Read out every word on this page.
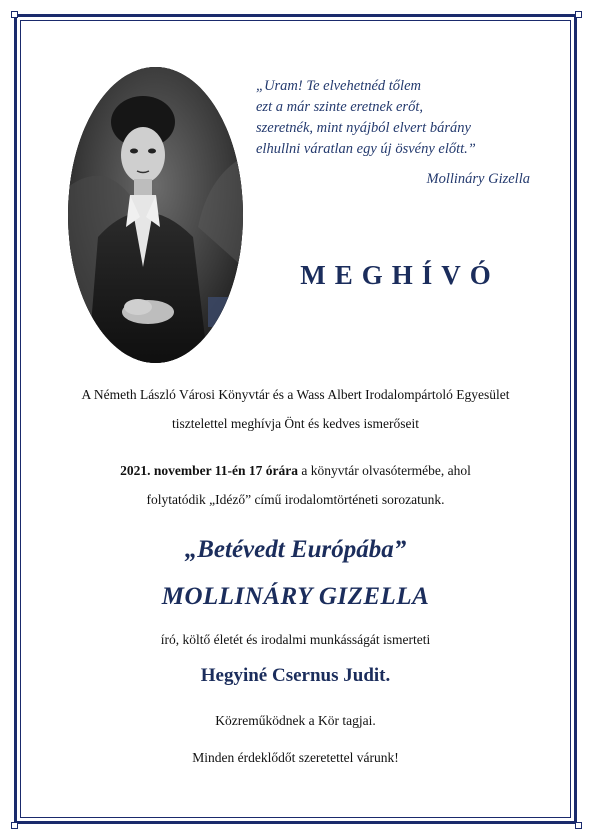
„Uram! Te elvehetnéd tőlem
ezt a már szinte eretnek erőt,
szeretnék, mint nyájból elvert bárány
elhullni váratlan egy új ösvény előtt.”
Mollináry Gizella
MEGHÍVÓ
A Németh László Városi Könyvtár és a Wass Albert Irodalompártoló Egyesület
tisztelettel meghívja Önt és kedves ismerőseit
2021. november 11-én 17 órára a könyvtár olvasótermébe, ahol
folytatódik „Idéző” című irodalomtörténeti sorozatunk.
„Betévedt Európába”
MOLLINÁRY GIZELLA
író, költő életét és irodalmi munkásságát ismerteti
Hegyiné Csernus Judit.
Közreműködnek a Kör tagjai.
Minden érdeklődőt szeretettel várunk!
